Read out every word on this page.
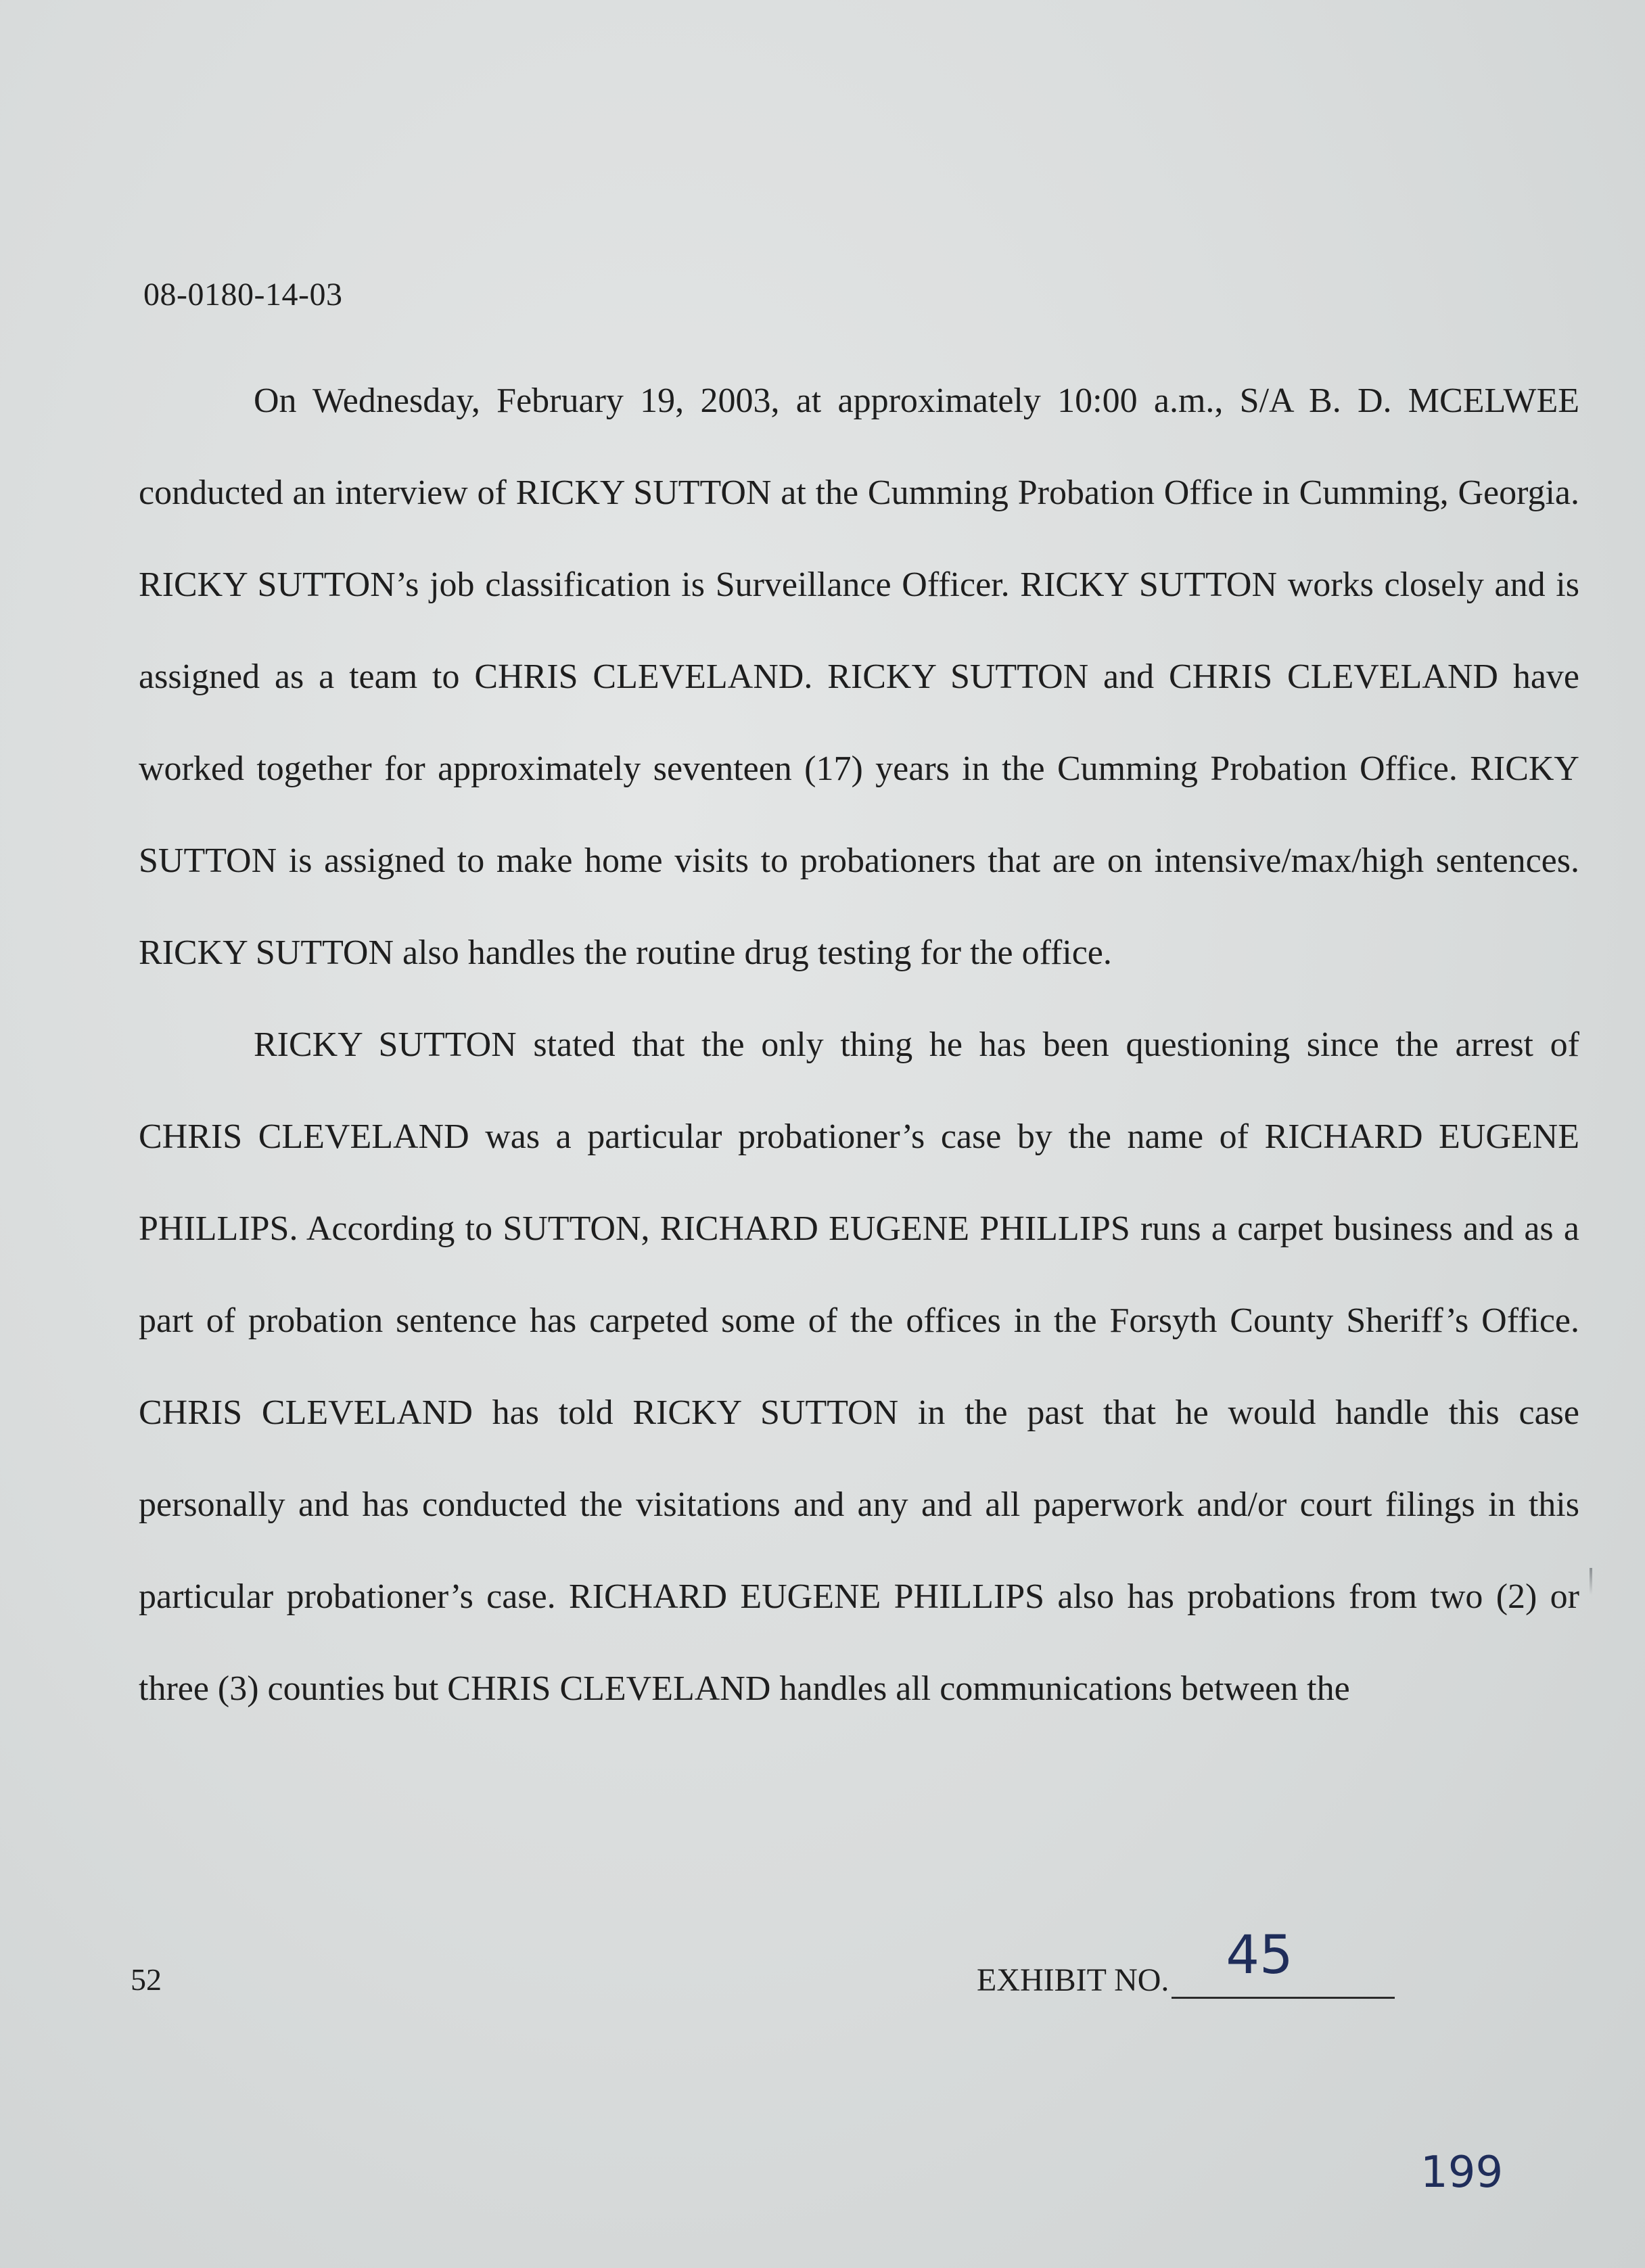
08-0180-14-03

On Wednesday, February 19, 2003, at approximately 10:00 a.m., S/A B. D. MCELWEE conducted an interview of RICKY SUTTON at the Cumming Probation Office in Cumming, Georgia. RICKY SUTTON’s job classification is Surveillance Officer. RICKY SUTTON works closely and is assigned as a team to CHRIS CLEVELAND. RICKY SUTTON and CHRIS CLEVELAND have worked together for approximately seventeen (17) years in the Cumming Probation Office. RICKY SUTTON is assigned to make home visits to probationers that are on intensive/max/high sentences. RICKY SUTTON also handles the routine drug testing for the office.

RICKY SUTTON stated that the only thing he has been questioning since the arrest of CHRIS CLEVELAND was a particular probationer’s case by the name of RICHARD EUGENE PHILLIPS. According to SUTTON, RICHARD EUGENE PHILLIPS runs a carpet business and as a part of probation sentence has carpeted some of the offices in the Forsyth County Sheriff’s Office. CHRIS CLEVELAND has told RICKY SUTTON in the past that he would handle this case personally and has conducted the visitations and any and all paperwork and/or court filings in this particular probationer’s case. RICHARD EUGENE PHILLIPS also has probations from two (2) or three (3) counties but CHRIS CLEVELAND handles all communications between the

52	EXHIBIT NO. 45
199
